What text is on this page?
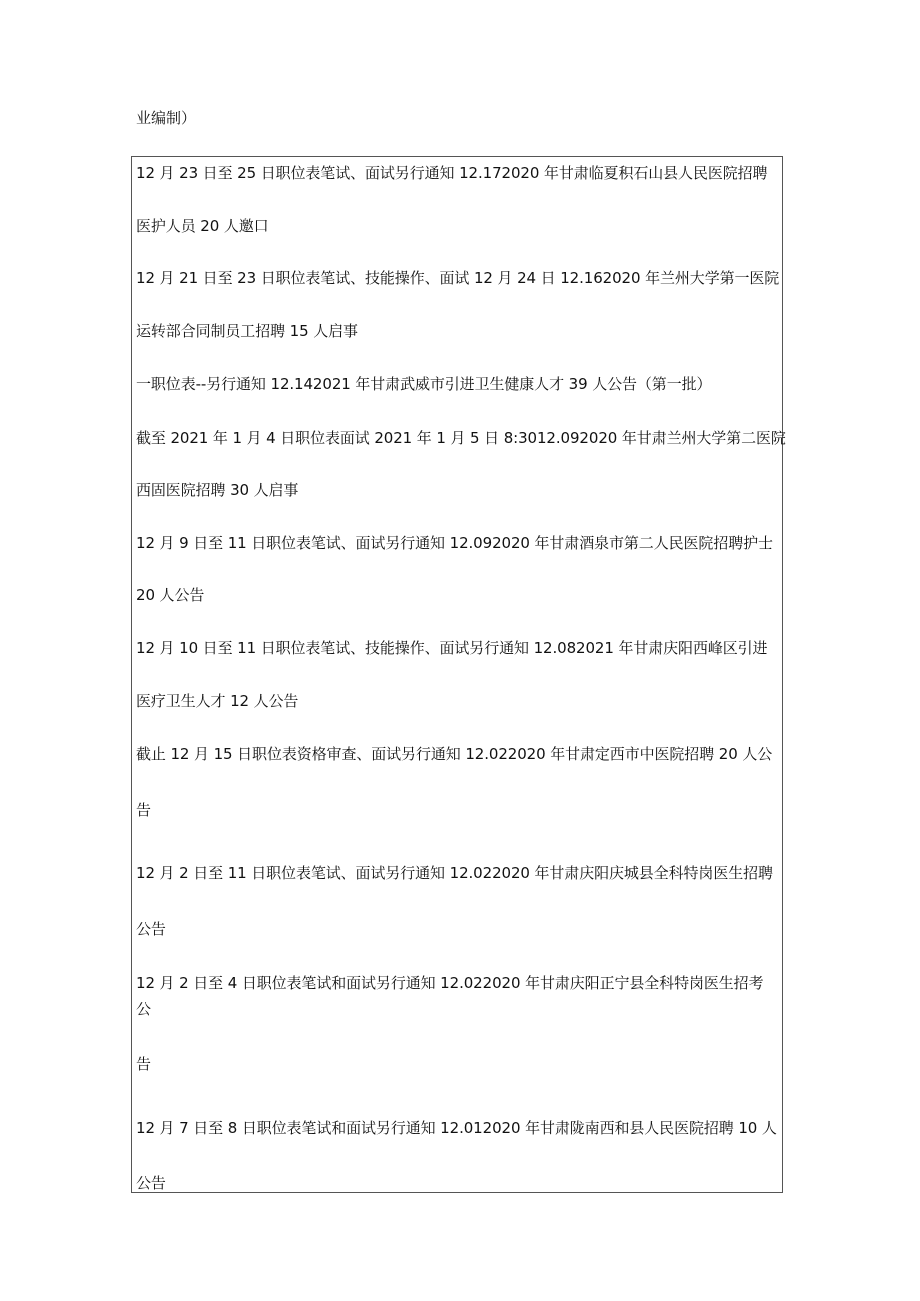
业编制）
12 月 23 日至 25 日职位表笔试、面试另行通知 12.172020 年甘肃临夏积石山县人民医院招聘
医护人员 20 人邀口
12 月 21 日至 23 日职位表笔试、技能操作、面试 12 月 24 日 12.162020 年兰州大学第一医院
运转部合同制员工招聘 15 人启事
一职位表--另行通知 12.142021 年甘肃武威市引进卫生健康人才 39 人公告（第一批）
截至 2021 年 1 月 4 日职位表面试 2021 年 1 月 5 日 8:3012.092020 年甘肃兰州大学第二医院
西固医院招聘 30 人启事
12 月 9 日至 11 日职位表笔试、面试另行通知 12.092020 年甘肃酒泉市第二人民医院招聘护士
20 人公告
12 月 10 日至 11 日职位表笔试、技能操作、面试另行通知 12.082021 年甘肃庆阳西峰区引进
医疗卫生人才 12 人公告
截止 12 月 15 日职位表资格审查、面试另行通知 12.022020 年甘肃定西市中医院招聘 20 人公
告
12 月 2 日至 11 日职位表笔试、面试另行通知 12.022020 年甘肃庆阳庆城县全科特岗医生招聘
公告
12 月 2 日至 4 日职位表笔试和面试另行通知 12.022020 年甘肃庆阳正宁县全科特岗医生招考
公
告
12 月 7 日至 8 日职位表笔试和面试另行通知 12.012020 年甘肃陇南西和县人民医院招聘 10 人
公告
